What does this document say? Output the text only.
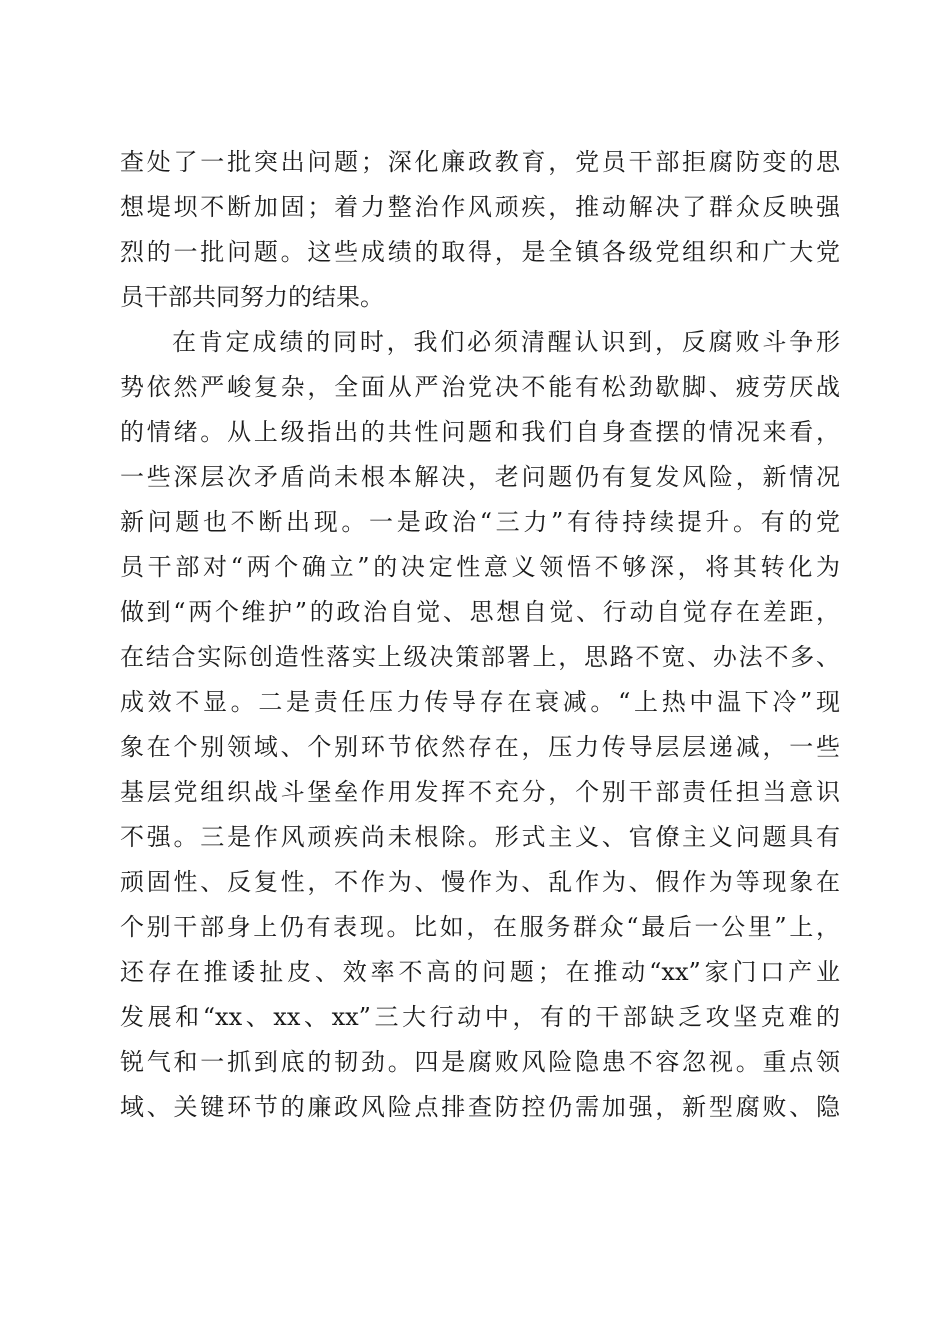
查处了一批突出问题；深化廉政教育，党员干部拒腐防变的思
想堤坝不断加固；着力整治作风顽疾，推动解决了群众反映强
烈的一批问题。这些成绩的取得，是全镇各级党组织和广大党
员干部共同努力的结果。
在肯定成绩的同时，我们必须清醒认识到，反腐败斗争形
势依然严峻复杂，全面从严治党决不能有松劲歇脚、疲劳厌战
的情绪。从上级指出的共性问题和我们自身查摆的情况来看，
一些深层次矛盾尚未根本解决，老问题仍有复发风险，新情况
新问题也不断出现。一是政治“三力”有待持续提升。有的党
员干部对“两个确立”的决定性意义领悟不够深，将其转化为
做到“两个维护”的政治自觉、思想自觉、行动自觉存在差距，
在结合实际创造性落实上级决策部署上，思路不宽、办法不多、
成效不显。二是责任压力传导存在衰减。“上热中温下冷”现
象在个别领域、个别环节依然存在，压力传导层层递减，一些
基层党组织战斗堡垒作用发挥不充分，个别干部责任担当意识
不强。三是作风顽疾尚未根除。形式主义、官僚主义问题具有
顽固性、反复性，不作为、慢作为、乱作为、假作为等现象在
个别干部身上仍有表现。比如，在服务群众“最后一公里”上，
还存在推诿扯皮、效率不高的问题；在推动“xx”家门口产业
发展和“xx、xx、xx”三大行动中，有的干部缺乏攻坚克难的
锐气和一抓到底的韧劲。四是腐败风险隐患不容忽视。重点领
域、关键环节的廉政风险点排查防控仍需加强，新型腐败、隐
